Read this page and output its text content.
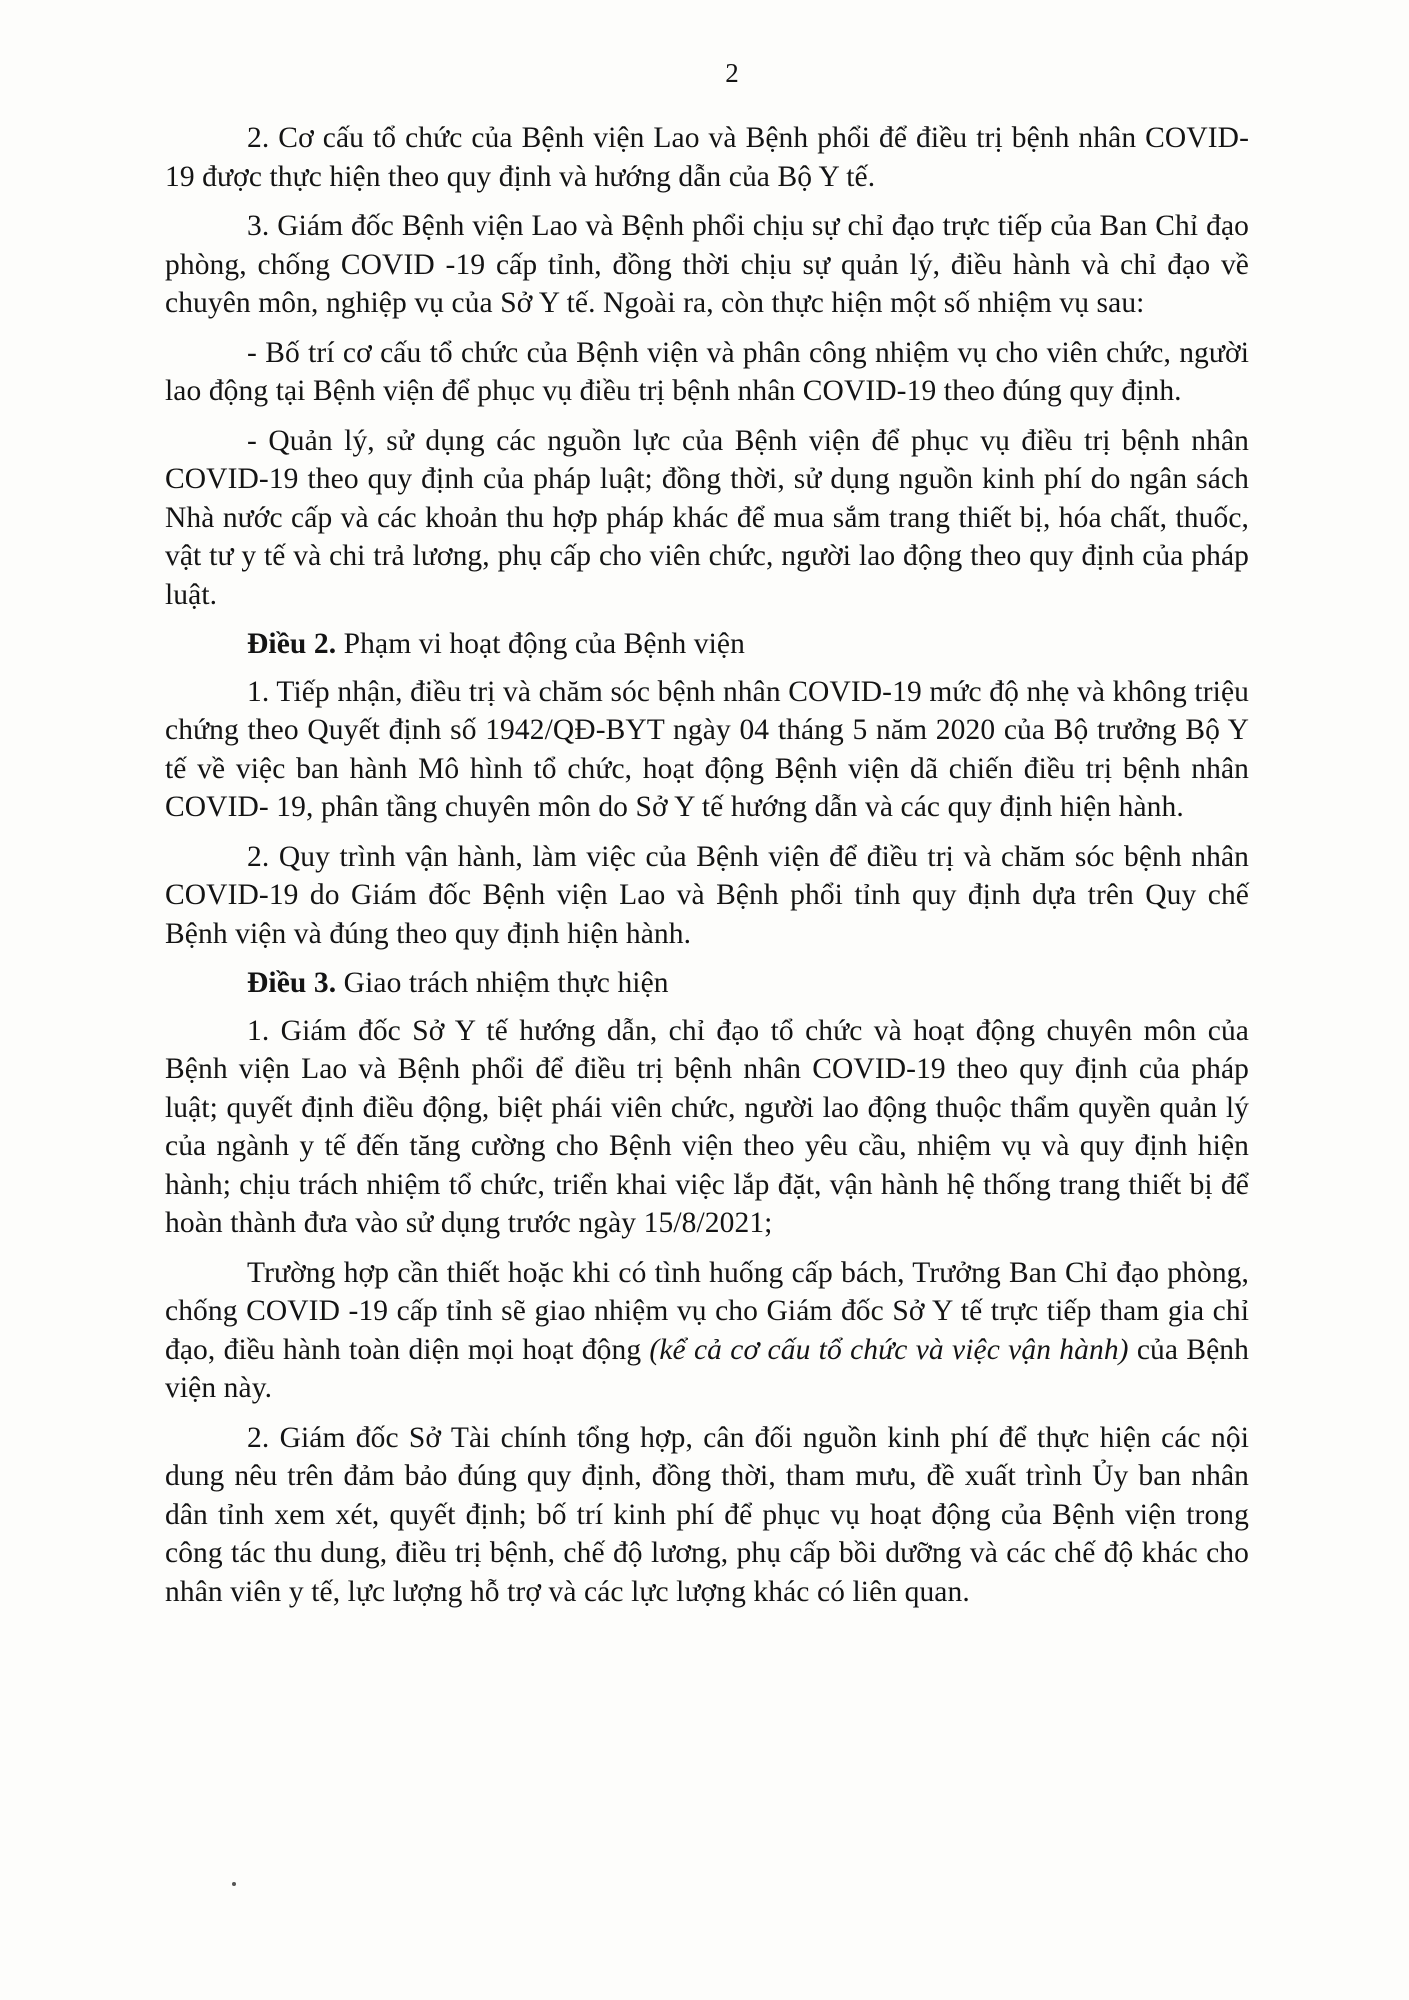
2

2. Cơ cấu tổ chức của Bệnh viện Lao và Bệnh phổi để điều trị bệnh nhân COVID-19 được thực hiện theo quy định và hướng dẫn của Bộ Y tế.

3. Giám đốc Bệnh viện Lao và Bệnh phổi chịu sự chỉ đạo trực tiếp của Ban Chỉ đạo phòng, chống COVID -19 cấp tỉnh, đồng thời chịu sự quản lý, điều hành và chỉ đạo về chuyên môn, nghiệp vụ của Sở Y tế. Ngoài ra, còn thực hiện một số nhiệm vụ sau:

- Bố trí cơ cấu tổ chức của Bệnh viện và phân công nhiệm vụ cho viên chức, người lao động tại Bệnh viện để phục vụ điều trị bệnh nhân COVID-19 theo đúng quy định.

- Quản lý, sử dụng các nguồn lực của Bệnh viện để phục vụ điều trị bệnh nhân COVID-19 theo quy định của pháp luật; đồng thời, sử dụng nguồn kinh phí do ngân sách Nhà nước cấp và các khoản thu hợp pháp khác để mua sắm trang thiết bị, hóa chất, thuốc, vật tư y tế và chi trả lương, phụ cấp cho viên chức, người lao động theo quy định của pháp luật.

Điều 2. Phạm vi hoạt động của Bệnh viện

1. Tiếp nhận, điều trị và chăm sóc bệnh nhân COVID-19 mức độ nhẹ và không triệu chứng theo Quyết định số 1942/QĐ-BYT ngày 04 tháng 5 năm 2020 của Bộ trưởng Bộ Y tế về việc ban hành Mô hình tổ chức, hoạt động Bệnh viện dã chiến điều trị bệnh nhân COVID- 19, phân tầng chuyên môn do Sở Y tế hướng dẫn và các quy định hiện hành.

2. Quy trình vận hành, làm việc của Bệnh viện để điều trị và chăm sóc bệnh nhân COVID-19 do Giám đốc Bệnh viện Lao và Bệnh phổi tỉnh quy định dựa trên Quy chế Bệnh viện và đúng theo quy định hiện hành.

Điều 3. Giao trách nhiệm thực hiện

1. Giám đốc Sở Y tế hướng dẫn, chỉ đạo tổ chức và hoạt động chuyên môn của Bệnh viện Lao và Bệnh phổi để điều trị bệnh nhân COVID-19 theo quy định của pháp luật; quyết định điều động, biệt phái viên chức, người lao động thuộc thẩm quyền quản lý của ngành y tế đến tăng cường cho Bệnh viện theo yêu cầu, nhiệm vụ và quy định hiện hành; chịu trách nhiệm tổ chức, triển khai việc lắp đặt, vận hành hệ thống trang thiết bị để hoàn thành đưa vào sử dụng trước ngày 15/8/2021;

Trường hợp cần thiết hoặc khi có tình huống cấp bách, Trưởng Ban Chỉ đạo phòng, chống COVID -19 cấp tỉnh sẽ giao nhiệm vụ cho Giám đốc Sở Y tế trực tiếp tham gia chỉ đạo, điều hành toàn diện mọi hoạt động (kể cả cơ cấu tổ chức và việc vận hành) của Bệnh viện này.

2. Giám đốc Sở Tài chính tổng hợp, cân đối nguồn kinh phí để thực hiện các nội dung nêu trên đảm bảo đúng quy định, đồng thời, tham mưu, đề xuất trình Ủy ban nhân dân tỉnh xem xét, quyết định; bố trí kinh phí để phục vụ hoạt động của Bệnh viện trong công tác thu dung, điều trị bệnh, chế độ lương, phụ cấp bồi dưỡng và các chế độ khác cho nhân viên y tế, lực lượng hỗ trợ và các lực lượng khác có liên quan.
